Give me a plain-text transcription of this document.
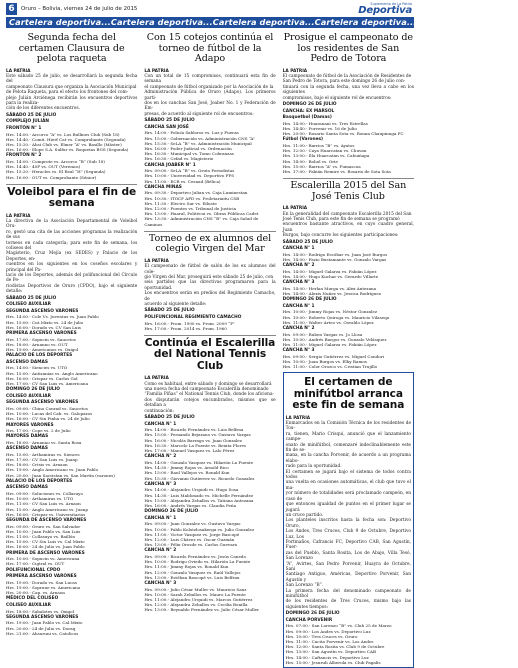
6	Oruro – Bolivia, viernes 24 de julio de 2015
Suplemento de La Patria
Deportiva
Cartelera deportiva...Cartelera deportiva...Cartelera deportiva...Cartelera deportiva...Cartelera deportiva...
Segunda fecha del certamen Clausura de pelota raqueta
LA PATRIA
Este sábado 25 de julio, se desarrollará la segunda fecha del
campeonato Clausura que organiza la Asociación Municipal
de Pelota Raqueta, para el efecto los frontones del com-
plejo Julián Arciénega recibirán los encuentros deportivos para la realiza-
ción de los diferentes encuentros.
SÁBADO 25 DE JULIO
COMPLEJO JULIÁN
FRONTÓN N° 1
Hrs. 14:00.- Arcorco “A” vs. Los Bullines Club (Sub 18)
Hrs. 14:40.- Comit. Hierf Cat vs. Comprobante (Segunda)
Hrs. 15:20.- Ahsi Club vs. Elmer “A” vs. Basillo (Máster)
Hrs. 16:00.- Elope S.A. Sulfur vs. Roquetas BGS (Segunda)
FRONTÓN N° 2
Hrs. 14:00.- Comprote vs. Arcorco “B” (Sub 18)
Hrs. 14:40.- 40F vs. OUT (Veremos)
Hrs. 15:20.- Heracles vs. El Real “H” (Segunda)
Hrs. 16:00.- OUT vs. Comprobante (Sénior)
Voleibol para el fin de semana
LA PATRIA
La directiva de la Asociación Departamental de Voleibol Oru-
ro, gestó una cita de las acciones programas la realización de sus
torneos en cada categoría; para este fin de semana, los coliseos del
Magisterio, Cruz Mejía (ex SEDES) y Palacio de los Deportes, en-
cuentros en los siguientes en los coseños escolares y principal del Pa-
lacio de los Deportes, además del polifuncional del Círculo de Pe-
riodistas Deportivos de Oruro (CPDO), bajo el siguiente detalle:
SÁBADO 25 DE JULIO
COLISEO AUXILIAR
SEGUNDA ASCENSO VARONES
Hrs. 14:00.- Cole Vs. Juventus vs. Juan Pablo
Hrs. 15:00.- Cut.Mixto vs. 24 de Julio
Hrs. 16:00.- Dorado vs. CV San Luis
PRIMERA ASCENSO VARONES
Hrs. 17:00.- Sopucin vs. Saucetos
Hrs. 18:00.- Arnanno vs. OUT
Hrs. 19:00.- Americanos vs. Oxigol
PALACIO DE LOS DEPORTES
ASCENSO DAMAS
Hrs. 14:00.- Siencies vs. UTO
Hrs. 15:00.- Antizanias vs. Anglo Americano
Hrs. 16:00.- Crispar vs. Carlos Gol
Hrs. 17:00.- CV San Luis vs. Americana
DOMINGO 26 DE JULIO
COLISEO AUXILIAR
SEGUNDA ASCENSO VARONES
Hrs. 09:00.- Chino Conrad vs. Saucetos
Hrs. 10:00.- Lucas del Cab. vs. Galopazos
Hrs. 16:00.- CV Sin Pinha vs. 24 de Julio
MAYORES VARONES
Hrs. 17:00.- Cope vs. 2 de Julio
MAYORES DAMAS
Hrs. 18:00.- Arnanno vs. Santa Rosa
ASCENSO DAMAS
Hrs. 15:00.- Arthamiras vs. Siences
Hrs. 17:00.- CV San Luis vs. Juanp
Hrs. 18:00.- Crtsis vs. Arnaon
Hrs. 19:00.- Anglo Americano vs. Juan Pablo
Hrs. 20:00.- Juan Sacristan vs. San Martín (varones)
PALACIO DE LOS DEPORTES
ASCENSO DAMAS
Hrs. 09:00.- Soluciones vs. Collasuyo
Hrs. 10:00.- Arthamiras vs. UTO
Hrs. 11:00.- CV San Luis vs. Arnaon
Hrs. 15:00.- Anglo Americano vs. Juanp
Hrs. 16:00.- Crispar vs. Universitarios
SEGUNDA DE ASCENSO VARONES
Hrs. 09:00.- Oruro vs. San Salvador
Hrs. 10:00.- Juan Pablo vs. San Luis
Hrs. 11:00.- Collasuyo vs. Baillón
Hrs. 15:00.- CV Sin Luis vs. Cal Mixto
Hrs. 16:00.- 24 de Julio vs. Juan Pablo
PRIMERA DE ASCENSO VARONES
Hrs. 10:00.- Sopucin vs. Americana
Hrs. 17:00.- Cigtral vs. OUT
POLIFUNCIONAL CPDO
PRIMERA ASCENSO VARONES
Hrs. 19:00.- Dorado vs. San Lucas
Hrs. 19:00.- Soprune vs. Americano
Hrs. 20:00.- Cap. vs. Arnaon
MÉDICO DEL COLISEO
COLISEO AUXILIAR
Hrs. 18:00.- Sabalotes vs. Oxigol
SEGUNDA ASCENSO VARONES
Hrs. 19:00.- Juan Pablo vs. Cal.Mixto
Hrs. 20:00.- 24 de Julio vs. Doraq
Hrs. 21:00.- Ahsuruni vs. Catolicos
Con 15 cotejos continúa el torneo de fútbol de la Adapo
LA PATRIA
Con un total de 15 compromisos, continuará esta fin de semana
el campeonato de fútbol organizado por la Asociación de la
Administración Pública de Oruro (Adapo). Los primeros parti-
dos en los canchas San José, Joaber No. 1 y Federación de Em-
presas, de acuerdo al siguiente rol de encuentros:
SÁBADO 25 DE JULIO
CANCHA SAN JOSÉ
Hrs. 14:00.- Policía Sabloros vs. Luz y Fuerza
Hrs. 15:00.- Gobernación vs. Administración CNS “A”
Hrs. 15:30.- SeLA “B” vs. Administración Municipal
Hrs. 16:00.- Poder Judicial vs. Ordenación
Hrs. 16:30.- Municipal vs. Tomo Cobranzas
Hrs. 16:30.- Cefad vs. Magisterio
CANCHA JOABER N° 1
Hrs. 09:00.- SeLA “B” vs. Oruto Periodistas
Hrs. 10:00.- Universidad vs. Deportivo FPS
Hrs. 11:00.- ECR vs. Cesnad (Bélica)
CANCHA MINAS
Hrs. 09:30.- Deportivo Julian vs. Caja Luminestan
Hrs. 10:30.- ITOCP AFD vs. Proletariaitu CSB
Hrs. 11:30.- Electro Sur vs. Eiluste
Hrs. 12:00.- Fuentes vs. Tribunal de Justicia
Hrs. 13:00.- Huaral, Politécni vs. Obras Públicas Cadet
Hrs. 13:30.- Administración CNS “B” vs. Caja Salud de
Caminos
Torneo de ex alumnos del colegio Virgen del Mar
LA PATRIA
El campeonato de fútbol de salón de los ex alumnos del cole-
gio Virgen del Mar, proseguirá este sábado 25 de julio, con
seis partidos que las directivas programaron para la oportunidad.
Los encuentros serán en predios del Regimiento Camacho, de
acuerdo al siguiente detalle:
SÁBADO 25 DE JULIO
POLIFUNCIONAL REGIMIENTO CAMACHO
Hrs. 16:00.- Prom. 1990 vs. Prom. 2009 “F”
Hrs. 17:00.- Prom. 2014 vs. Prom. 1960
Continúa el Escalerilla del National Tennis Club
LA PATRIA
Como es habitual, entre sábado y domingo se desarrollará
una nueva fecha del campeonato Escalerilla denominado
“Familia Piñas” el National Tennis Club, donde los aficiona-
dos disputarán cotejos encumbrados, mismos que se detallan a
continuación:
SÁBADO 25 DE JULIO
CANCHA N° 1
Hrs. 14:00.- Ricardo Fernández vs. Luis Belfrau
Hrs. 15:00.- Fernando Bejarano vs. Gustavo Vargas
Hrs. 16:00.- Nicolás Barrago vs. Juan Gonzalez
Hrs. 16:30.- Marcelo La Fuente vs. Benita Flores
Hrs. 17:00.- Manuel Vasquez vs. Lalo Pérez
CANCHA N° 2
Hrs. 14:00.- Gonzalo Vasquez vs. Hilarión La Fuente
Hrs. 14:30.- Jimmy Rojas vs. Arnold Rico
Hrs. 15:00.- Raul Vallejos vs. Ronald Kun
Hrs. 15:30.- Giovanni Gutierrez vs. Ricardo Gonzalez
CANCHA N° 3
Hrs. 14:00.- Alejandro Urquidi vs. Hugo Sosa
Hrs. 14:30.- Luis Maldonado vs. Michelle Fernández
Hrs. 15:00.- Alejandra Zeballos vs. Tatiana Antezana
Hrs. 16:00.- Andrés Vargas vs. Claudia Peña
DOMINGO 26 DE JULIO
CANCHA N° 1
Hrs. 09:00.- Juan Gonzalez vs. Gustavo Vargas
Hrs. 10:00.- Pablo Kolotzlosakerga vs. Julio Gonzalez
Hrs. 11:00.- Victor Vasquez vs. Jorge Bascopé
Hrs. 12:00.- Luis Chávez vs. Oscar Guzmán
Hrs. 13:00.- Félix Orosde vs. Carlos Guevara
CANCHA N° 2
Hrs. 09:00.- Ricardo Fernández vs. Jesús Canedo
Hrs. 10:00.- Rodrigo Oviedo vs. Hilarión La Fuente
Hrs. 11:00.- Jimmy Rojas vs. Ronald Kun
Hrs. 12:00.- Gonzalo Vasquez vs. Raúl Vallejos
Hrs. 13:00.- Estéban Bascopé vs. Luis Belfrau
CANCHA N° 3
Hrs. 09:00.- Julio César Muller vs. Mauricio Sanz
Hrs. 10:00.- Sarah Zeballos vs. Mauro La Fuente
Hrs. 11:00.- Alejandro Urquidi vs. Marcos Gutiérrez
Hrs. 12:00.- Alejandra Zeballos vs. Cecilia Bonilla
Hrs. 13:00.- Reynaldo Fernández vs. Julio César Muller
Prosigue el campeonato de los residentes de San Pedro de Totora
LA PATRIA
El campeonato de fútbol de la Asociación de Residentes de
San Pedro de Totora, para este domingo 26 de julio con-
tinuará con la segunda fecha, una vez lleva a cabo en los siguientes
compromisos, bajo el siguiente rol de encuentros:
DOMINGO 26 DE JULIO
CANCHA: EX MARSOL
Basquetbol (Damas)
Hrs. 14:00.- Huaranani vs. Tres Estrellas
Hrs. 14:40.- Porvenir vs. 16 de Julio
Hrs. 20:00.- Rosario Santa Sota vs. Ronan Chaupinuga FC
Fútbol (Varones)
Hrs. 11:00.- Barrios “B” vs. Ayatos
Hrs. 12:00.- Caya Huarcatan vs. Chuvan
Hrs. 13:00.- Illa Huarcatan vs. Cahuiñapa
Hrs. 14:00.- Bohol vs. Orie
Hrs. 15:00.- Barrios “A” vs. Fumascoa
Hrs. 17:00.- Fabián Remire vs. Rosario de Sota Sota
Escalerilla 2015 del San José Tenis Club
LA PATRIA
En la generalidad del campeonato Escalerilla 2015 del San
José Tenis Club, para este fin de semana se programó
encuentros bastante atractivos, en cuyo cuadro general, Juan
Burgos, bajo concurre los siguientes participaciones:
SÁBADO 25 DE JULIO
CANCHA N° 1
Hrs. 14:00.- Rodrigo Escóbar vs. Juan José Burgos
Hrs. 14:00.- Fazio Bustamante vs. Gonzalo Vargas
CANCHA N° 2
Hrs. 14:00.- Miguel Galarza vs. Fabián López
Hrs. 14:00.- Hugo Kuchar vs. Gerardo Villarte
CANCHA N° 3
Hrs. 14:00.- Herlan Murga vs. Alex Antezana
Hrs. 14:00.- Alexis Nuñez vs. Jessica Rodríguez
DOMINGO 26 DE JULIO
CANCHA N° 1
Hrs. 10:00.- Jimmy Rojas vs. Néstor Gonzalez
Hrs. 10:00.- Roberto Quiroga vs. Mauricio Vilaseqa
Hrs. 11:00.- Walter Arteo vs. Osvaldo López
CANCHA N° 2
Hrs. 09:00.- Ruben Vargas vs. Jo Llosa
Hrs. 10:00.- Andrés Burgos vs. Gonzalo Velásquez
Hrs. 11:00.- Miguel Galarza vs. Fabián López
CANCHA N° 3
Hrs. 09:00.- Sergio Gutiérrez vs. Miguel Condori
Hrs. 10:00.- Juan Burgos vs. Elky Ramos
Hrs. 11:00.- Color Orozco vs. Cristian Trujillo
El certamen de minifútbol arranca este fin de semana
LA PATRIA
Enmarcados en la Comisión Técnica de los residentes de Tou-
ra, tienen, Mario Crisqui, anunció que el lanzamiento campe-
onato de minifútbol, comenzaré indeclinablemente este fin de se-
mana, en la cancha Porvenir, de acuerdo a un programa elabo-
rado para la oportunidad.
El certamen se jugará bajo el sistema de todos contra todos
una vuelta en ocasiones automáticas, el club que tuvo el ma-
yor número de totalidades será proclamado campeón, en caso de
que entonces igualdad de puntos en el primer lugar se jugará
un cruce partido.
Los planteles inscritos hasta la fecha son: Deportivo Oruro,
Los Andes, Tres Cruces, Club 9 de Octubre, Deportivo Luz, Los
Portmaños, Cafrancis FC, Deportivo CAB, San Agustín, Fuer-
zas del Pueblo, Santa Rosita, Los de Abajo, Villa Tesó, San Lorenzo
“A”, Avirtes, San Pedro Porvenir, Huayra de Octubre, Sani
Santiago Antiguo, Américas, Deportivo Porvenir, San Agustín y
San Lorenzo “B”.
La primera fecha del denominado campeonato de minifútbol
de los residentes de Tres Cruces, mismo bajo las siguientes tiempos:
DOMINGO 26 DE JULIO
CANCHA PORVENIR
Hrs. 07:00.- San Lorenzo “B” vs. Club 25 de Marzo
Hrs. 09:00.- Los Andes vs. Deportivo Luz
Hrs. 10:00.- Tres Cruces vs. Oruro
Hrs. 11:00.- Cacita Porvenir vs. Los Andes
Hrs. 12:00.- Santa Rosita vs. Club 9 de Octubre
Hrs. 13:00.- San Agustín vs. Deportivo CAB
Hrs. 14:00.- Caftancis vs. Deportivo Luz
Hrs. 15:00.- Jesuruli Alberola vs. Club Pagalis
